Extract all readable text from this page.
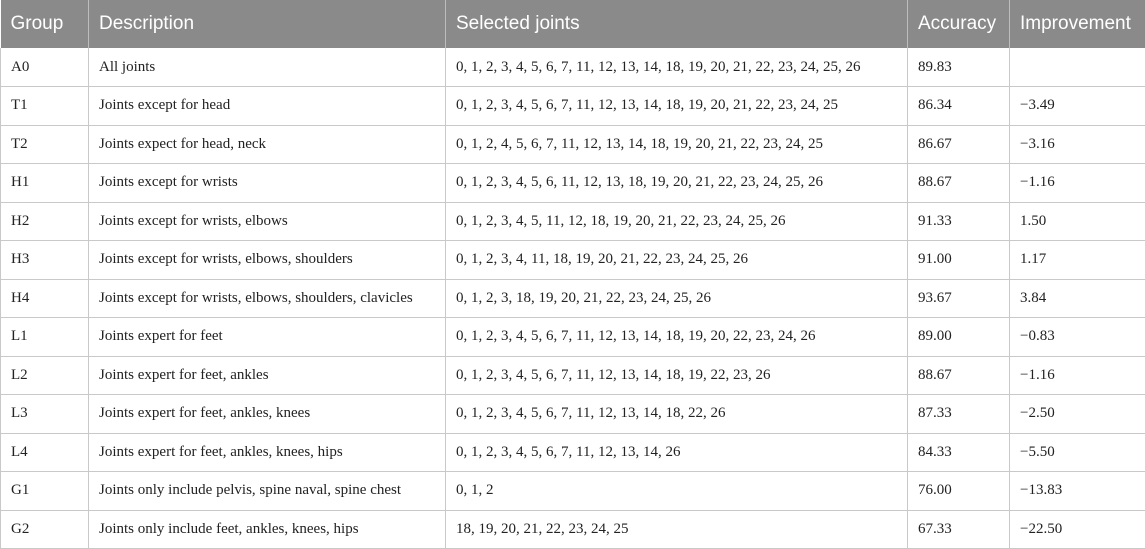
Group	Description	Selected joints	Accuracy	Improvement
A0	All joints	0, 1, 2, 3, 4, 5, 6, 7, 11, 12, 13, 14, 18, 19, 20, 21, 22, 23, 24, 25, 26	89.83	
T1	Joints except for head	0, 1, 2, 3, 4, 5, 6, 7, 11, 12, 13, 14, 18, 19, 20, 21, 22, 23, 24, 25	86.34	−3.49
T2	Joints expect for head, neck	0, 1, 2, 4, 5, 6, 7, 11, 12, 13, 14, 18, 19, 20, 21, 22, 23, 24, 25	86.67	−3.16
H1	Joints except for wrists	0, 1, 2, 3, 4, 5, 6, 11, 12, 13, 18, 19, 20, 21, 22, 23, 24, 25, 26	88.67	−1.16
H2	Joints except for wrists, elbows	0, 1, 2, 3, 4, 5, 11, 12, 18, 19, 20, 21, 22, 23, 24, 25, 26	91.33	1.50
H3	Joints except for wrists, elbows, shoulders	0, 1, 2, 3, 4, 11, 18, 19, 20, 21, 22, 23, 24, 25, 26	91.00	1.17
H4	Joints except for wrists, elbows, shoulders, clavicles	0, 1, 2, 3, 18, 19, 20, 21, 22, 23, 24, 25, 26	93.67	3.84
L1	Joints expert for feet	0, 1, 2, 3, 4, 5, 6, 7, 11, 12, 13, 14, 18, 19, 20, 22, 23, 24, 26	89.00	−0.83
L2	Joints expert for feet, ankles	0, 1, 2, 3, 4, 5, 6, 7, 11, 12, 13, 14, 18, 19, 22, 23, 26	88.67	−1.16
L3	Joints expert for feet, ankles, knees	0, 1, 2, 3, 4, 5, 6, 7, 11, 12, 13, 14, 18, 22, 26	87.33	−2.50
L4	Joints expert for feet, ankles, knees, hips	0, 1, 2, 3, 4, 5, 6, 7, 11, 12, 13, 14, 26	84.33	−5.50
G1	Joints only include pelvis, spine naval, spine chest	0, 1, 2	76.00	−13.83
G2	Joints only include feet, ankles, knees, hips	18, 19, 20, 21, 22, 23, 24, 25	67.33	−22.50
